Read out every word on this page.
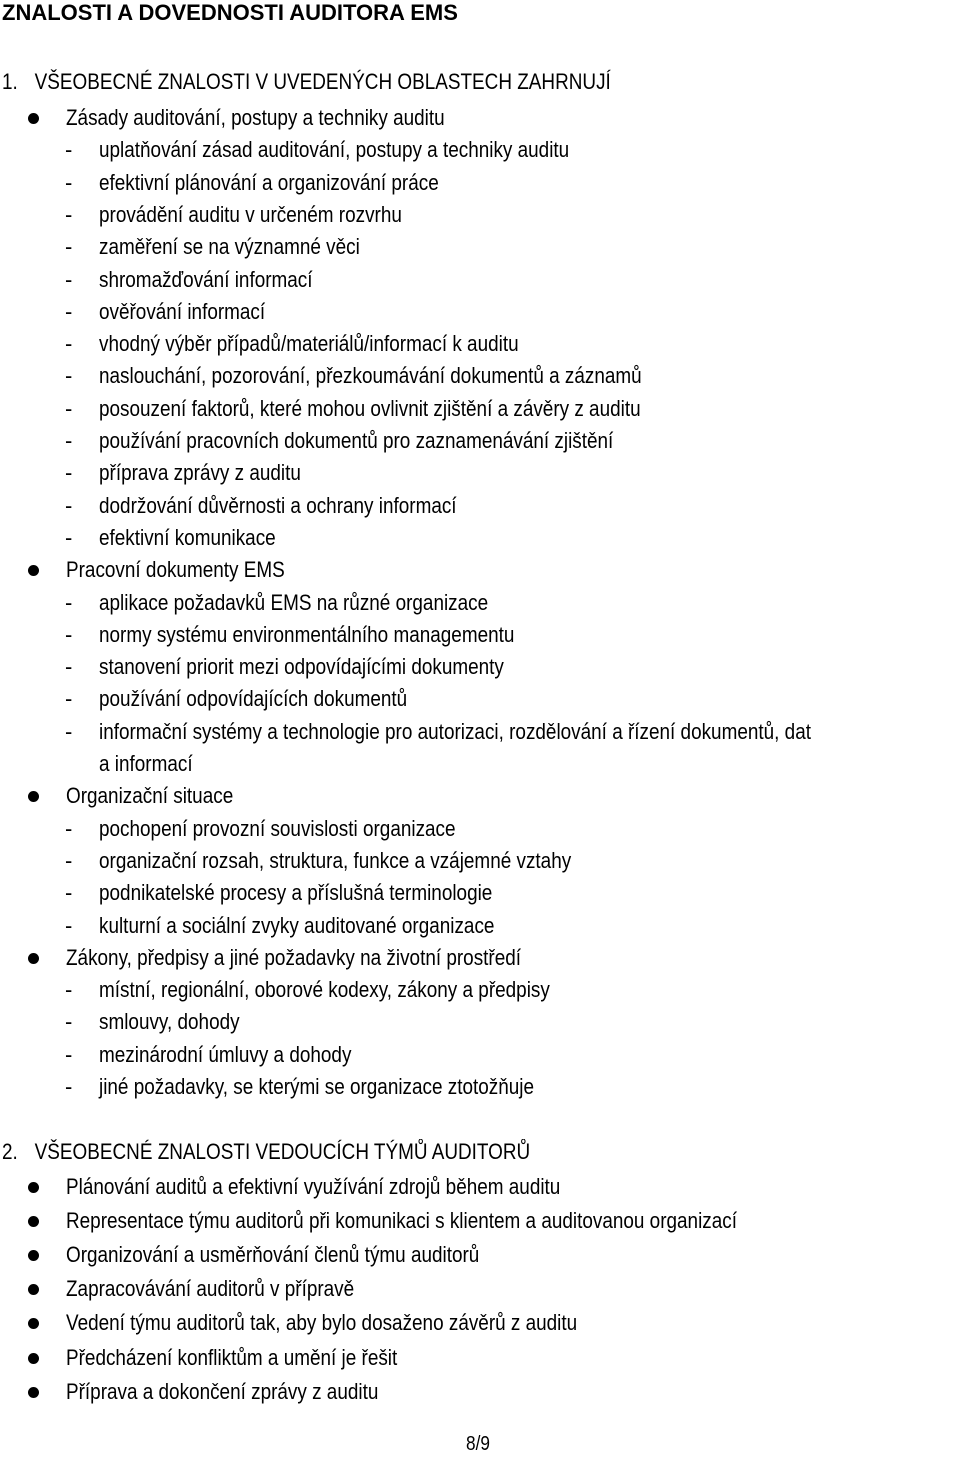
ZNALOSTI A DOVEDNOSTI AUDITORA EMS
1. VŠEOBECNÉ ZNALOSTI V UVEDENÝCH OBLASTECH ZAHRNUJÍ
Zásady auditování, postupy a techniky auditu
- uplatňování zásad auditování, postupy a techniky auditu
- efektivní plánování a organizování práce
- provádění auditu v určeném rozvrhu
- zaměření se na významné věci
- shromažďování informací
- ověřování informací
- vhodný výběr případů/materiálů/informací k auditu
- naslouchání, pozorování, přezkoumávání dokumentů a záznamů
- posouzení faktorů, které mohou ovlivnit zjištění a závěry z auditu
- používání pracovních dokumentů pro zaznamenávání zjištění
- příprava zprávy z auditu
- dodržování důvěrnosti a ochrany informací
- efektivní komunikace
Pracovní dokumenty EMS
- aplikace požadavků EMS na různé organizace
- normy systému environmentálního managementu
- stanovení priorit mezi odpovídajícími dokumenty
- používání odpovídajících dokumentů
- informační systémy a technologie pro autorizaci, rozdělování a řízení dokumentů, dat
a informací
Organizační situace
- pochopení provozní souvislosti organizace
- organizační rozsah, struktura, funkce a vzájemné vztahy
- podnikatelské procesy a příslušná terminologie
- kulturní a sociální zvyky auditované organizace
Zákony, předpisy a jiné požadavky na životní prostředí
- místní, regionální, oborové kodexy, zákony a předpisy
- smlouvy, dohody
- mezinárodní úmluvy a dohody
- jiné požadavky, se kterými se organizace ztotožňuje
2. VŠEOBECNÉ ZNALOSTI VEDOUCÍCH TÝMŮ AUDITORŮ
Plánování auditů a efektivní využívání zdrojů během auditu
Representace týmu auditorů při komunikaci s klientem a auditovanou organizací
Organizování a usměrňování členů týmu auditorů
Zapracovávání auditorů v přípravě
Vedení týmu auditorů tak, aby bylo dosaženo závěrů z auditu
Předcházení konfliktům a umění je řešit
Příprava a dokončení zprávy z auditu
8/9
